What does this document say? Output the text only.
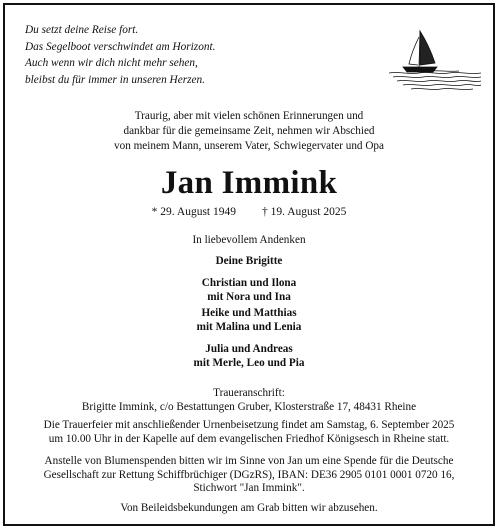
Du setzt deine Reise fort.
Das Segelboot verschwindet am Horizont.
Auch wenn wir dich nicht mehr sehen,
bleibst du für immer in unseren Herzen.
Traurig, aber mit vielen schönen Erinnerungen und
dankbar für die gemeinsame Zeit, nehmen wir Abschied
von meinem Mann, unserem Vater, Schwiegervater und Opa
Jan Immink
* 29. August 1949 † 19. August 2025
In liebevollem Andenken
Deine Brigitte
Christian und Ilona
mit Nora und Ina
Heike und Matthias
mit Malina und Lenia
Julia und Andreas
mit Merle, Leo und Pia
Traueranschrift:
Brigitte Immink, c/o Bestattungen Gruber, Klosterstraße 17, 48431 Rheine
Die Trauerfeier mit anschließender Urnenbeisetzung findet am Samstag, 6. September 2025
um 10.00 Uhr in der Kapelle auf dem evangelischen Friedhof Königsesch in Rheine statt.
Anstelle von Blumenspenden bitten wir im Sinne von Jan um eine Spende für die Deutsche
Gesellschaft zur Rettung Schiffbrüchiger (DGzRS), IBAN: DE36 2905 0101 0001 0720 16,
Stichwort "Jan Immink".
Von Beileidsbekundungen am Grab bitten wir abzusehen.
